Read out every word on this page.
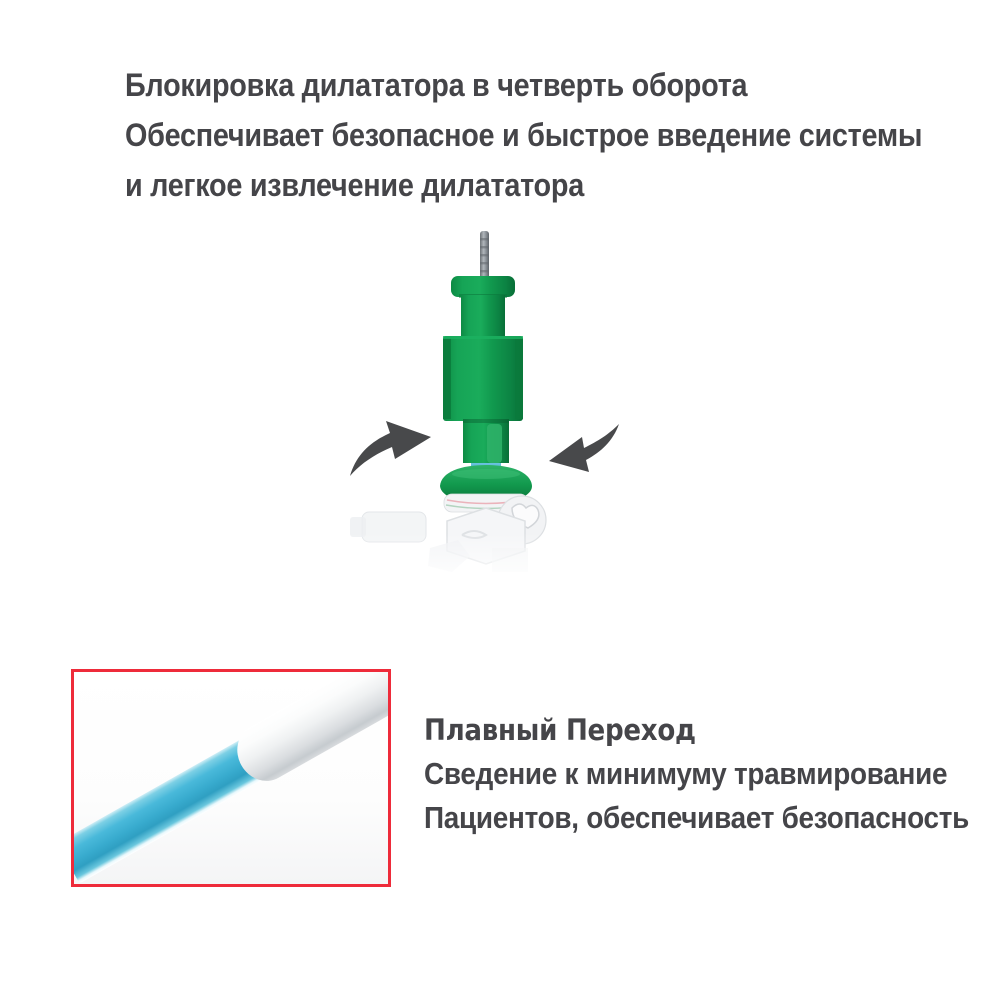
Блокировка дилататора в четверть оборота
Обеспечивает безопасное и быстрое введение системы
и легкое извлечение дилататора
Плавный Переход
Сведение к минимуму травмирование
Пациентов, обеспечивает безопасность
